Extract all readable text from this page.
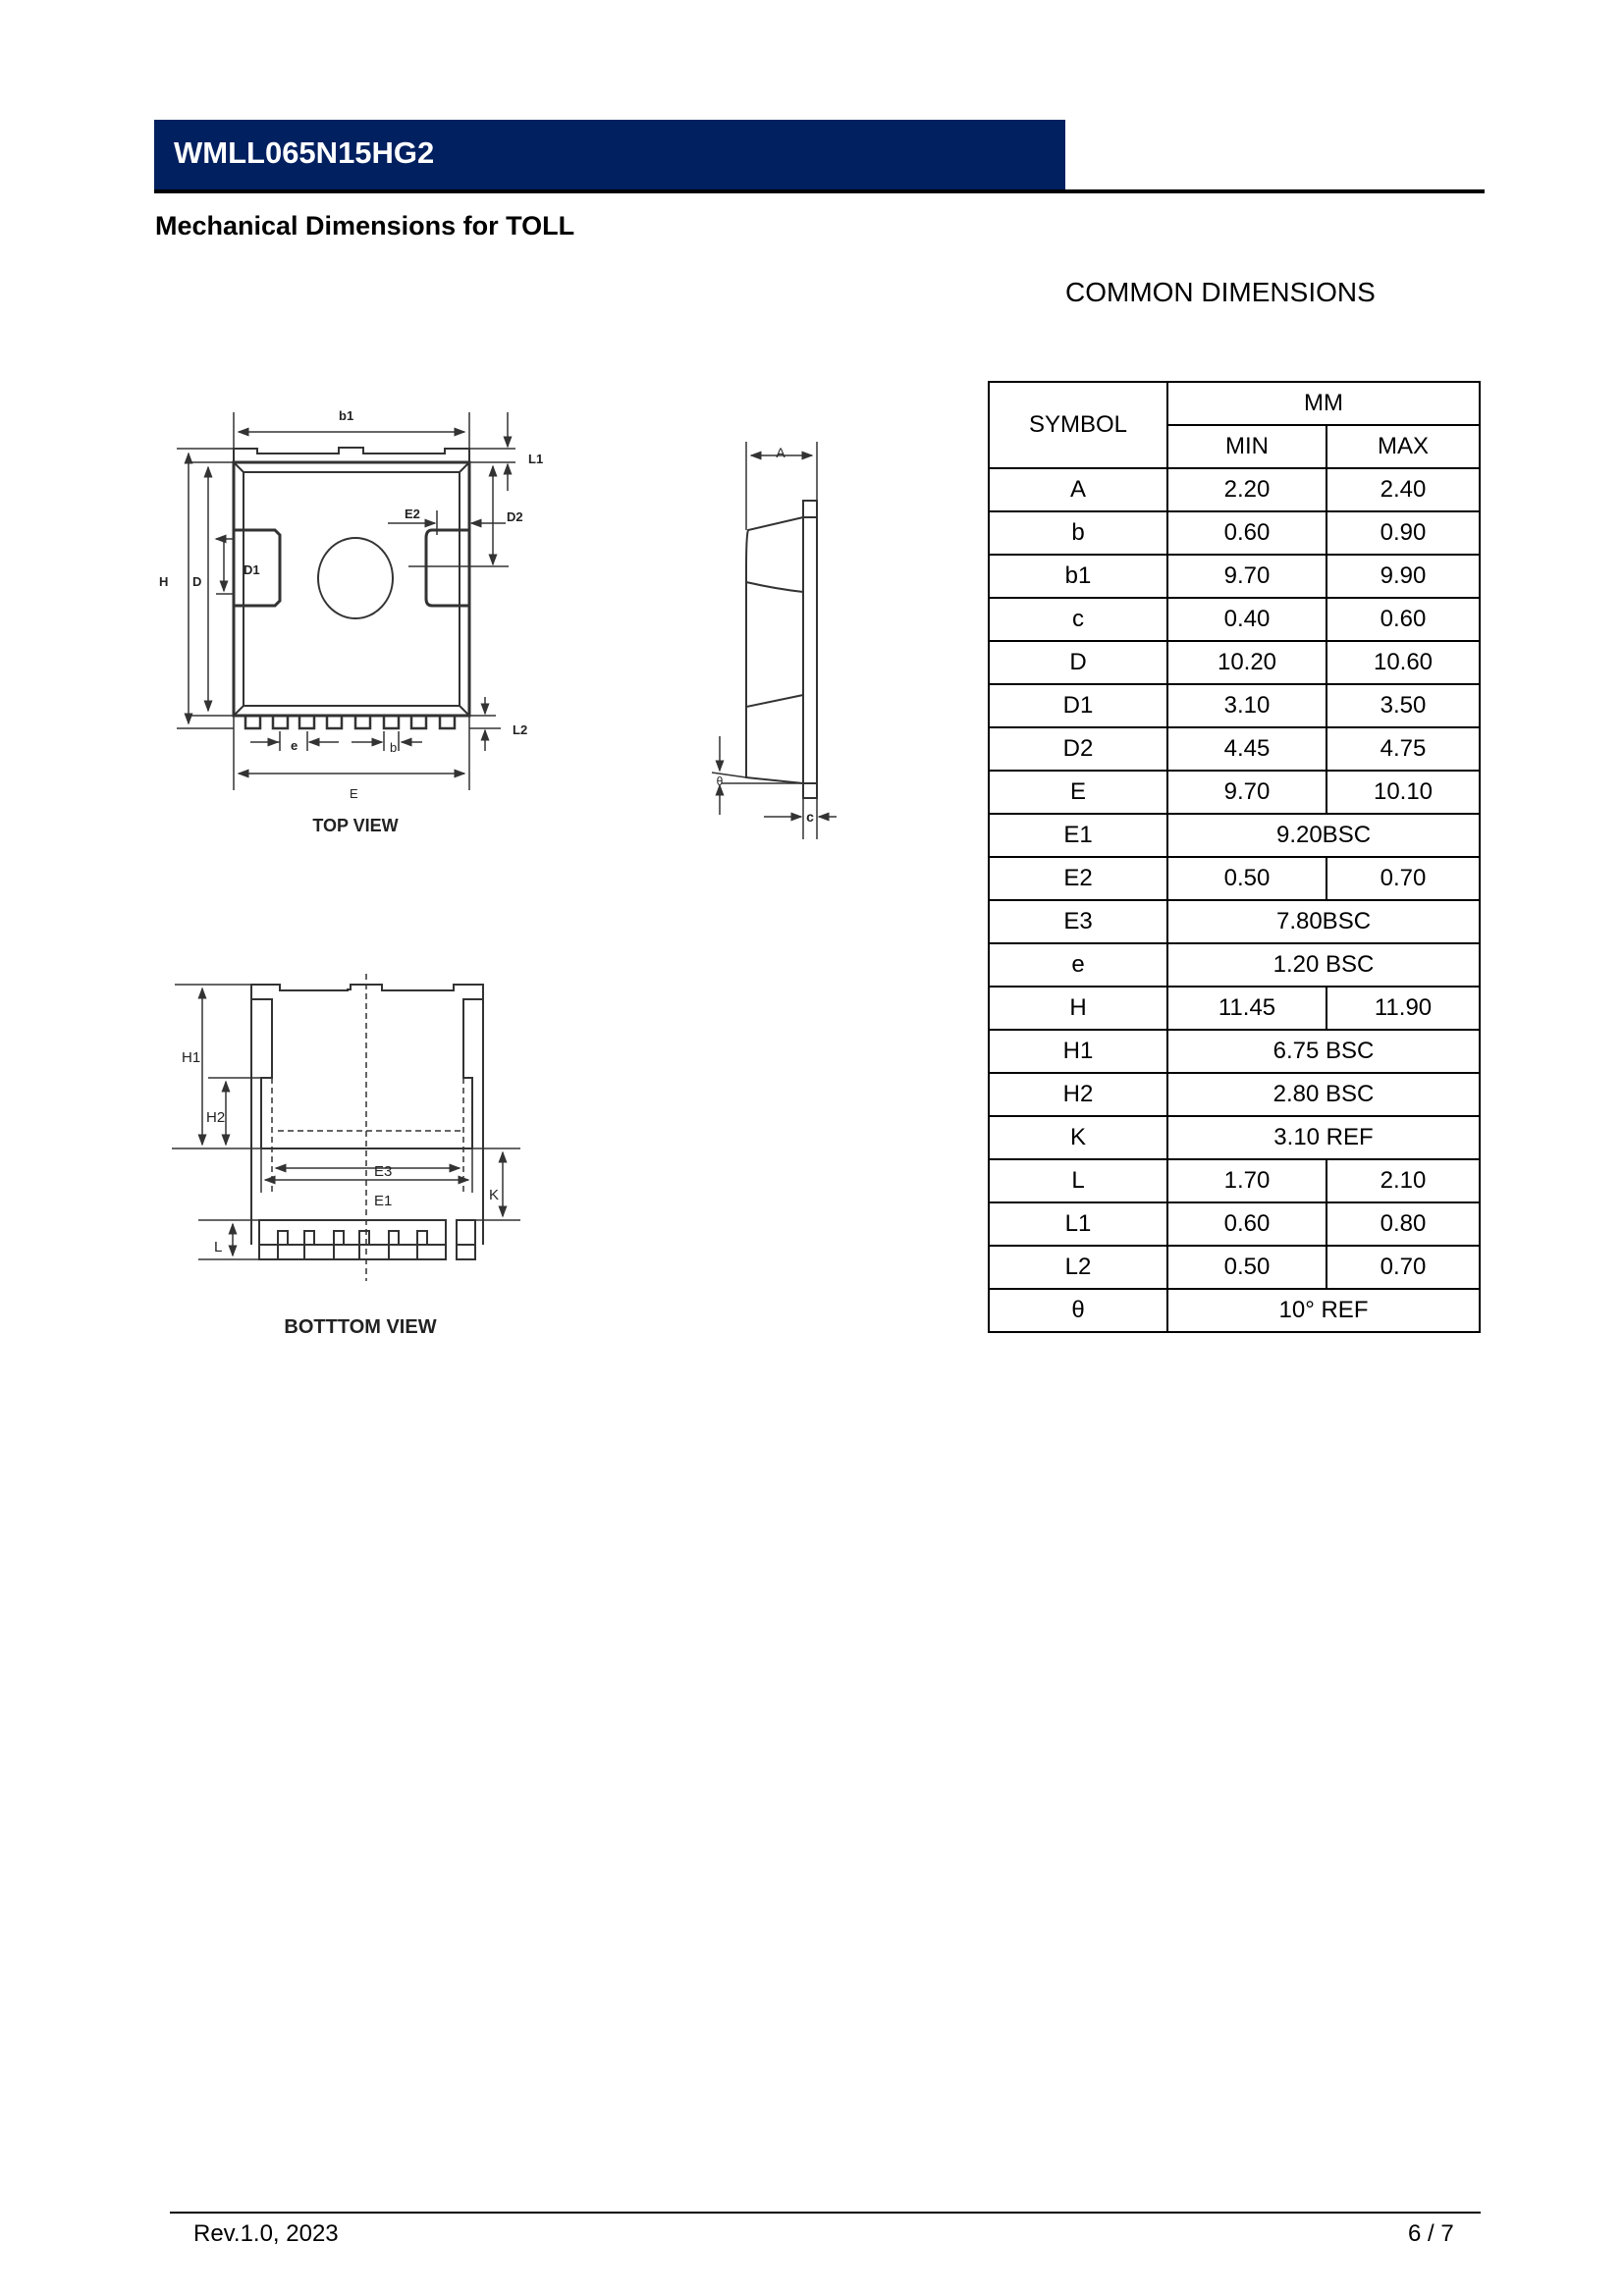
WMLL065N15HG2
Mechanical Dimensions for TOLL
COMMON DIMENSIONS
SYMBOL	MM	
	MIN	MAX
A	2.20	2.40
b	0.60	0.90
b1	9.70	9.90
c	0.40	0.60
D	10.20	10.60
D1	3.10	3.50
D2	4.45	4.75
E	9.70	10.10
E1	9.20BSC	
E2	0.50	0.70
E3	7.80BSC	
e	1.20 BSC	
H	11.45	11.90
H1	6.75 BSC	
H2	2.80 BSC	
K	3.10 REF	
L	1.70	2.10
L1	0.60	0.80
L2	0.50	0.70
θ	10° REF	
b1
L1
E2	D2
H D
D1
L2
e	b
E
TOP VIEW
A
θ
c
H1
H2
E3
E1	K
L
BOTTTOM VIEW
Rev.1.0, 2023	6 / 7
